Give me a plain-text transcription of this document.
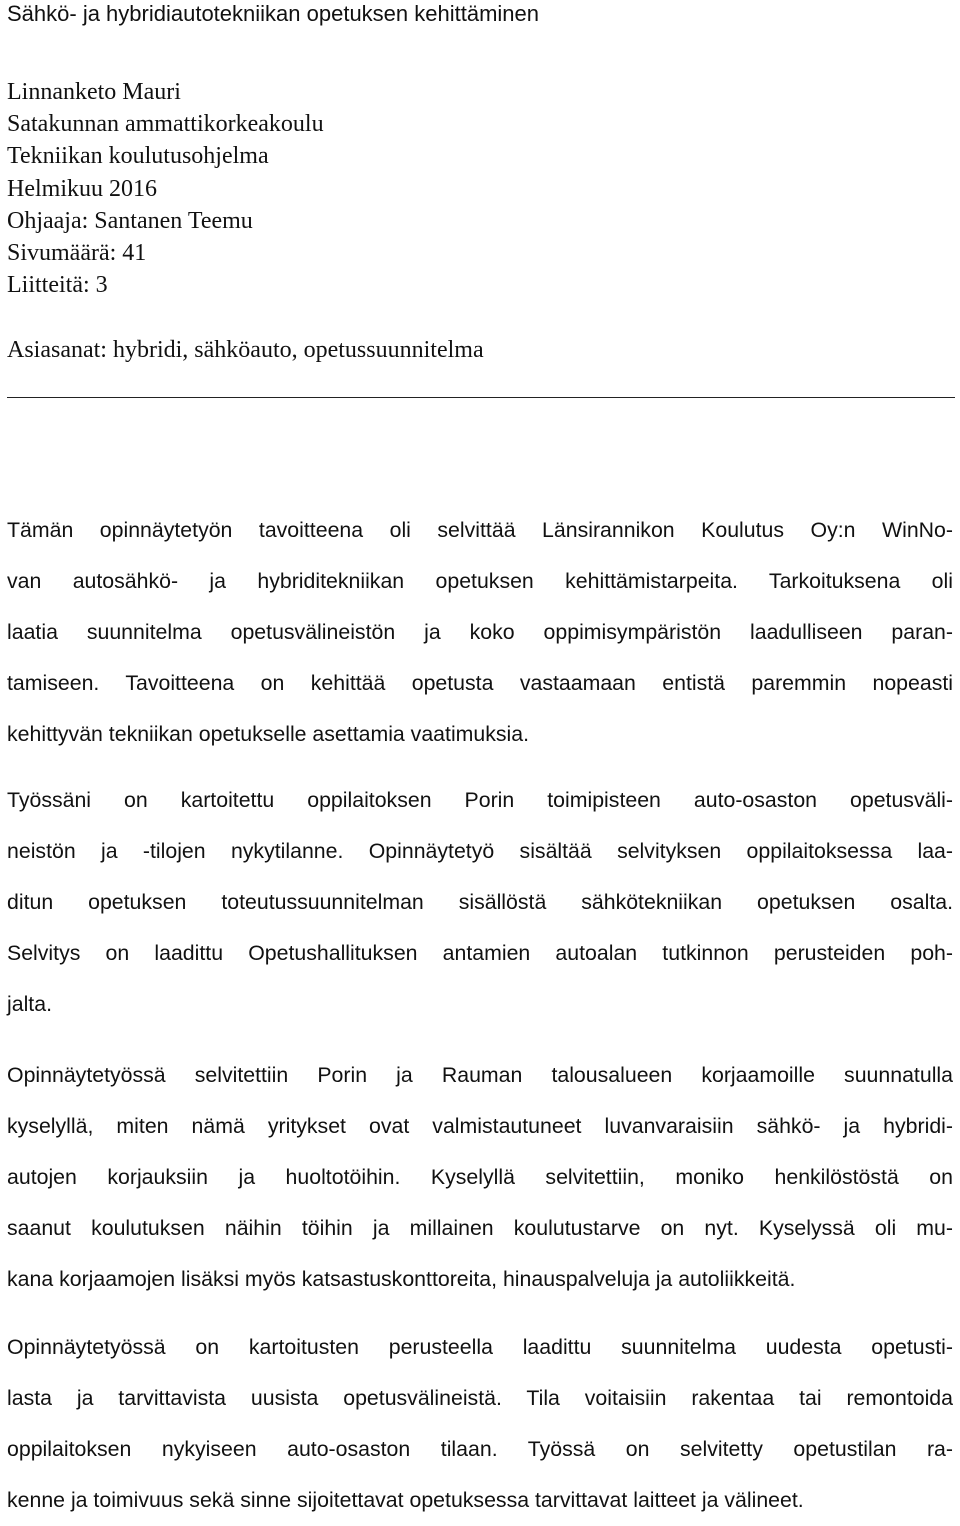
Sähkö- ja hybridiautotekniikan opetuksen kehittäminen
Linnanketo Mauri
Satakunnan ammattikorkeakoulu
Tekniikan koulutusohjelma
Helmikuu 2016
Ohjaaja: Santanen Teemu
Sivumäärä: 41
Liitteitä: 3
Asiasanat: hybridi, sähköauto, opetussuunnitelma
Tämän opinnäytetyön tavoitteena oli selvittää Länsirannikon Koulutus Oy:n WinNo-
van autosähkö- ja hybriditekniikan opetuksen kehittämistarpeita. Tarkoituksena oli
laatia suunnitelma opetusvälineistön ja koko oppimisympäristön laadulliseen paran-
tamiseen. Tavoitteena on kehittää opetusta vastaamaan entistä paremmin nopeasti
kehittyvän tekniikan opetukselle asettamia vaatimuksia.
Työssäni on kartoitettu oppilaitoksen Porin toimipisteen auto-osaston opetusväli-
neistön ja -tilojen nykytilanne. Opinnäytetyö sisältää selvityksen oppilaitoksessa laa-
ditun opetuksen toteutussuunnitelman sisällöstä sähkötekniikan opetuksen osalta.
Selvitys on laadittu Opetushallituksen antamien autoalan tutkinnon perusteiden poh-
jalta.
Opinnäytetyössä selvitettiin Porin ja Rauman talousalueen korjaamoille suunnatulla
kyselyllä, miten nämä yritykset ovat valmistautuneet luvanvaraisiin sähkö- ja hybridi-
autojen korjauksiin ja huoltotöihin. Kyselyllä selvitettiin, moniko henkilöstöstä on
saanut koulutuksen näihin töihin ja millainen koulutustarve on nyt. Kyselyssä oli mu-
kana korjaamojen lisäksi myös katsastuskonttoreita, hinauspalveluja ja autoliikkeitä.
Opinnäytetyössä on kartoitusten perusteella laadittu suunnitelma uudesta opetusti-
lasta ja tarvittavista uusista opetusvälineistä. Tila voitaisiin rakentaa tai remontoida
oppilaitoksen nykyiseen auto-osaston tilaan. Työssä on selvitetty opetustilan ra-
kenne ja toimivuus sekä sinne sijoitettavat opetuksessa tarvittavat laitteet ja välineet.
